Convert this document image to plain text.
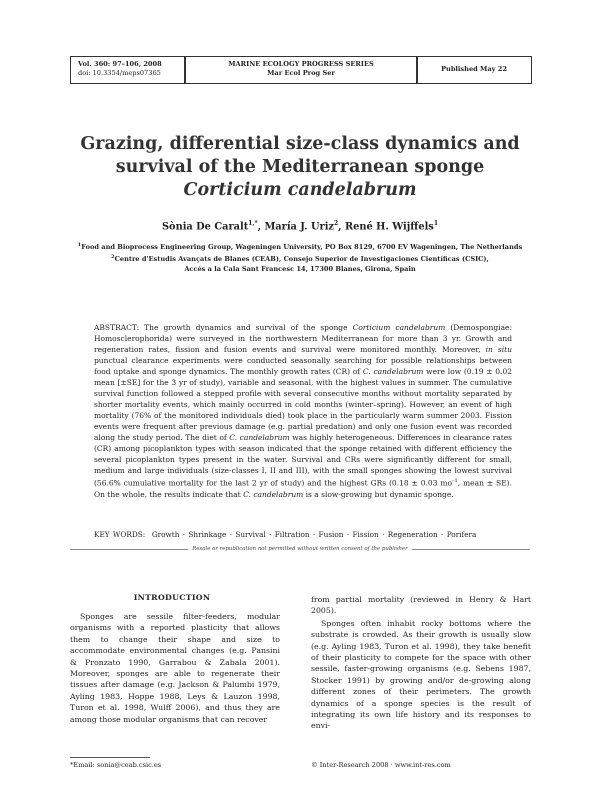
Vol. 360: 97–106, 2008
doi: 10.3354/meps07365
MARINE ECOLOGY PROGRESS SERIES
Mar Ecol Prog Ser	Published May 22
Grazing, differential size-class dynamics and
survival of the Mediterranean sponge
Corticium candelabrum
Sònia De Caralt$^{1,*}$, María J. Uriz$^2$, René H. Wijffels$^1$
$^1$Food and Bioprocess Engineering Group, Wageningen University, PO Box 8129, 6700 EV Wageningen, The Netherlands
$^2$Centre d'Estudis Avançats de Blanes (CEAB), Consejo Superior de Investigaciones Científicas (CSIC),
Accés a la Cala Sant Francesc 14, 17300 Blanes, Girona, Spain

ABSTRACT: The growth dynamics and survival of the sponge Corticium candelabrum (Demospongiae: Homosclerophorida) were surveyed in the northwestern Mediterranean for more than 3 yr. Growth and regeneration rates, fission and fusion events and survival were monitored monthly. Moreover, in situ punctual clearance experiments were conducted seasonally searching for possible relationships between food uptake and sponge dynamics. The monthly growth rates (CR) of C. candelabrum were low (0.19 ± 0.02 mean [±SE] for the 3 yr of study), variable and seasonal, with the highest values in summer. The cumulative survival function followed a stepped profile with several consecutive months without mortality separated by shorter mortality events, which mainly occurred in cold months (winter–spring). However, an event of high mortality (76% of the monitored individuals died) took place in the particularly warm summer 2003. Fission events were frequent after previous damage (e.g. partial predation) and only one fusion event was recorded along the study period. The diet of C. candelabrum was highly heterogeneous. Differences in clearance rates (CR) among picoplankton types with season indicated that the sponge retained with different efficiency the several picoplankton types present in the water. Survival and CRs were significantly different for small, medium and large individuals (size-classes I, II and III), with the small sponges showing the lowest survival (56.6% cumulative mortality for the last 2 yr of study) and the highest GRs (0.18 ± 0.03 $mo^{-1}$, mean ± SE). On the whole, the results indicate that C. candelabrum is a slow-growing but dynamic sponge.

KEY WORDS: Growth · Shrinkage · Survival · Filtration · Fusion · Fission · Regeneration · Porifera
Resale or republication not permitted without written consent of the publisher
INTRODUCTION
Sponges are sessile filter-feeders, modular organisms with a reported plasticity that allows them to change their shape and size to accommodate environmental changes (e.g. Pansini & Pronzato 1990, Garrabou & Zabala 2001). Moreover, sponges are able to regenerate their tissues after damage (e.g. Jackson & Palumbi 1979, Ayling 1983, Hoppe 1988, Leys & Lauzon 1998, Turon et al. 1998, Wulff 2006), and thus they are among those modular organisms that can recover

from partial mortality (reviewed in Henry & Hart 2005).

Sponges often inhabit rocky bottoms where the substrate is crowded. As their growth is usually slow (e.g. Ayling 1983, Turon et al. 1998), they take benefit of their plasticity to compete for the space with other sessile, faster-growing organisms (e.g. Sebens 1987, Stocker 1991) by growing and/or de-growing along different zones of their perimeters. The growth dynamics of a sponge species is the result of integrating its own life history and its responses to envi-

*Email: sonia@ceab.csic.es	© Inter-Research 2008 · www.int-res.com
